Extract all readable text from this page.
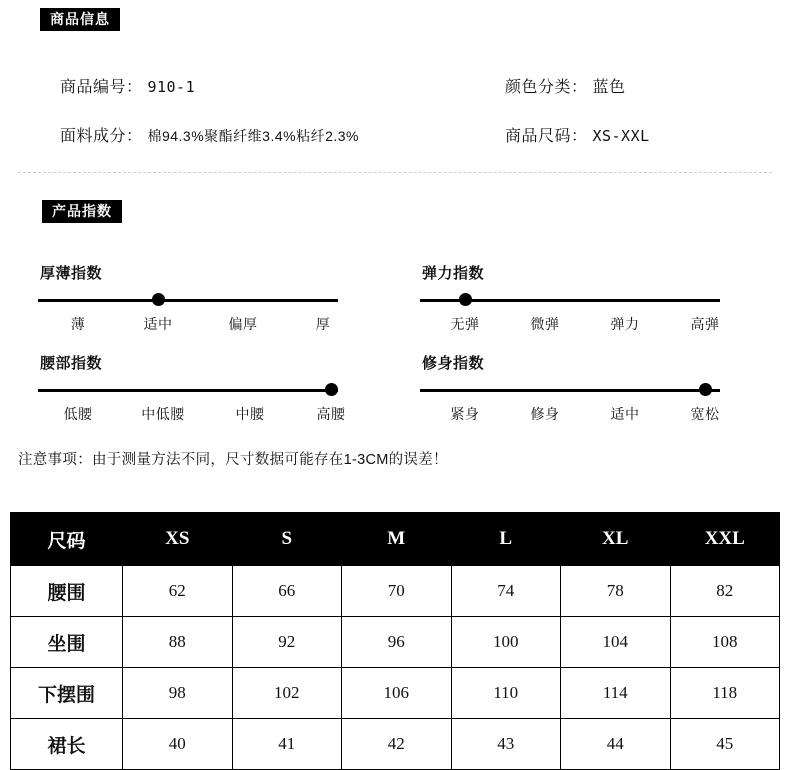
商品信息
商品编号： 910-1	颜色分类： 蓝色
面料成分： 棉94.3%聚酯纤维3.4%粘纤2.3%	商品尺码： XS-XXL
产品指数
厚薄指数
薄	适中	偏厚	厚
弹力指数
无弹	微弹	弹力	高弹
腰部指数
低腰	中低腰	中腰	高腰
修身指数
紧身	修身	适中	宽松
注意事项：由于测量方法不同，尺寸数据可能存在1-3CM的误差！
尺码	XS	S	M	L	XL	XXL
腰围	62	66	70	74	78	82
坐围	88	92	96	100	104	108
下摆围	98	102	106	110	114	118
裙长	40	41	42	43	44	45
